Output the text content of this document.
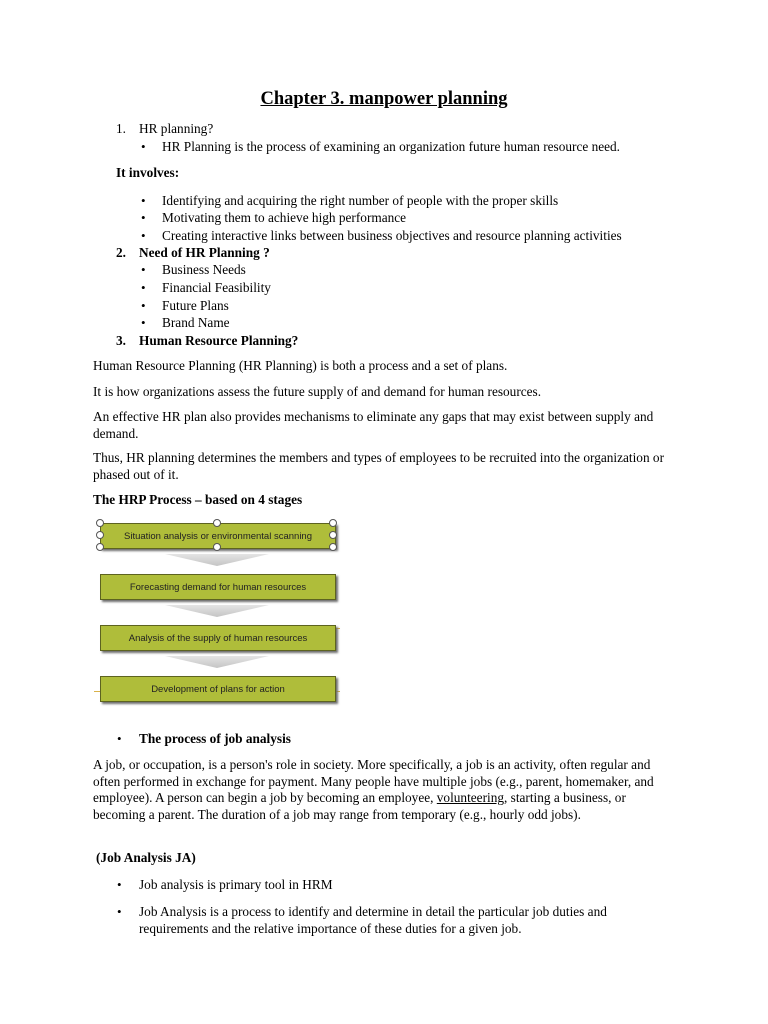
Chapter 3. manpower planning
1. HR planning?
• HR Planning is the process of examining an organization future human resource need.
It involves:
• Identifying and acquiring the right number of people with the proper skills
• Motivating them to achieve high performance
• Creating interactive links between business objectives and resource planning activities
2. Need of HR Planning ?
• Business Needs
• Financial Feasibility
• Future Plans
• Brand Name
3. Human Resource Planning?
Human Resource Planning (HR Planning) is both a process and a set of plans.
It is how organizations assess the future supply of and demand for human resources.
An effective HR plan also provides mechanisms to eliminate any gaps that may exist between supply and demand.
Thus, HR planning determines the members and types of employees to be recruited into the organization or phased out of it.
The HRP Process – based on 4 stages
Situation analysis or environmental scanning
Forecasting demand for human resources
Analysis of the supply of human resources
Development of plans for action
• The process of job analysis
A job, or occupation, is a person's role in society. More specifically, a job is an activity, often regular and often performed in exchange for payment. Many people have multiple jobs (e.g., parent, homemaker, and employee). A person can begin a job by becoming an employee, volunteering, starting a business, or becoming a parent. The duration of a job may range from temporary (e.g., hourly odd jobs).
(Job Analysis JA)
• Job analysis is primary tool in HRM
• Job Analysis is a process to identify and determine in detail the particular job duties and requirements and the relative importance of these duties for a given job.
